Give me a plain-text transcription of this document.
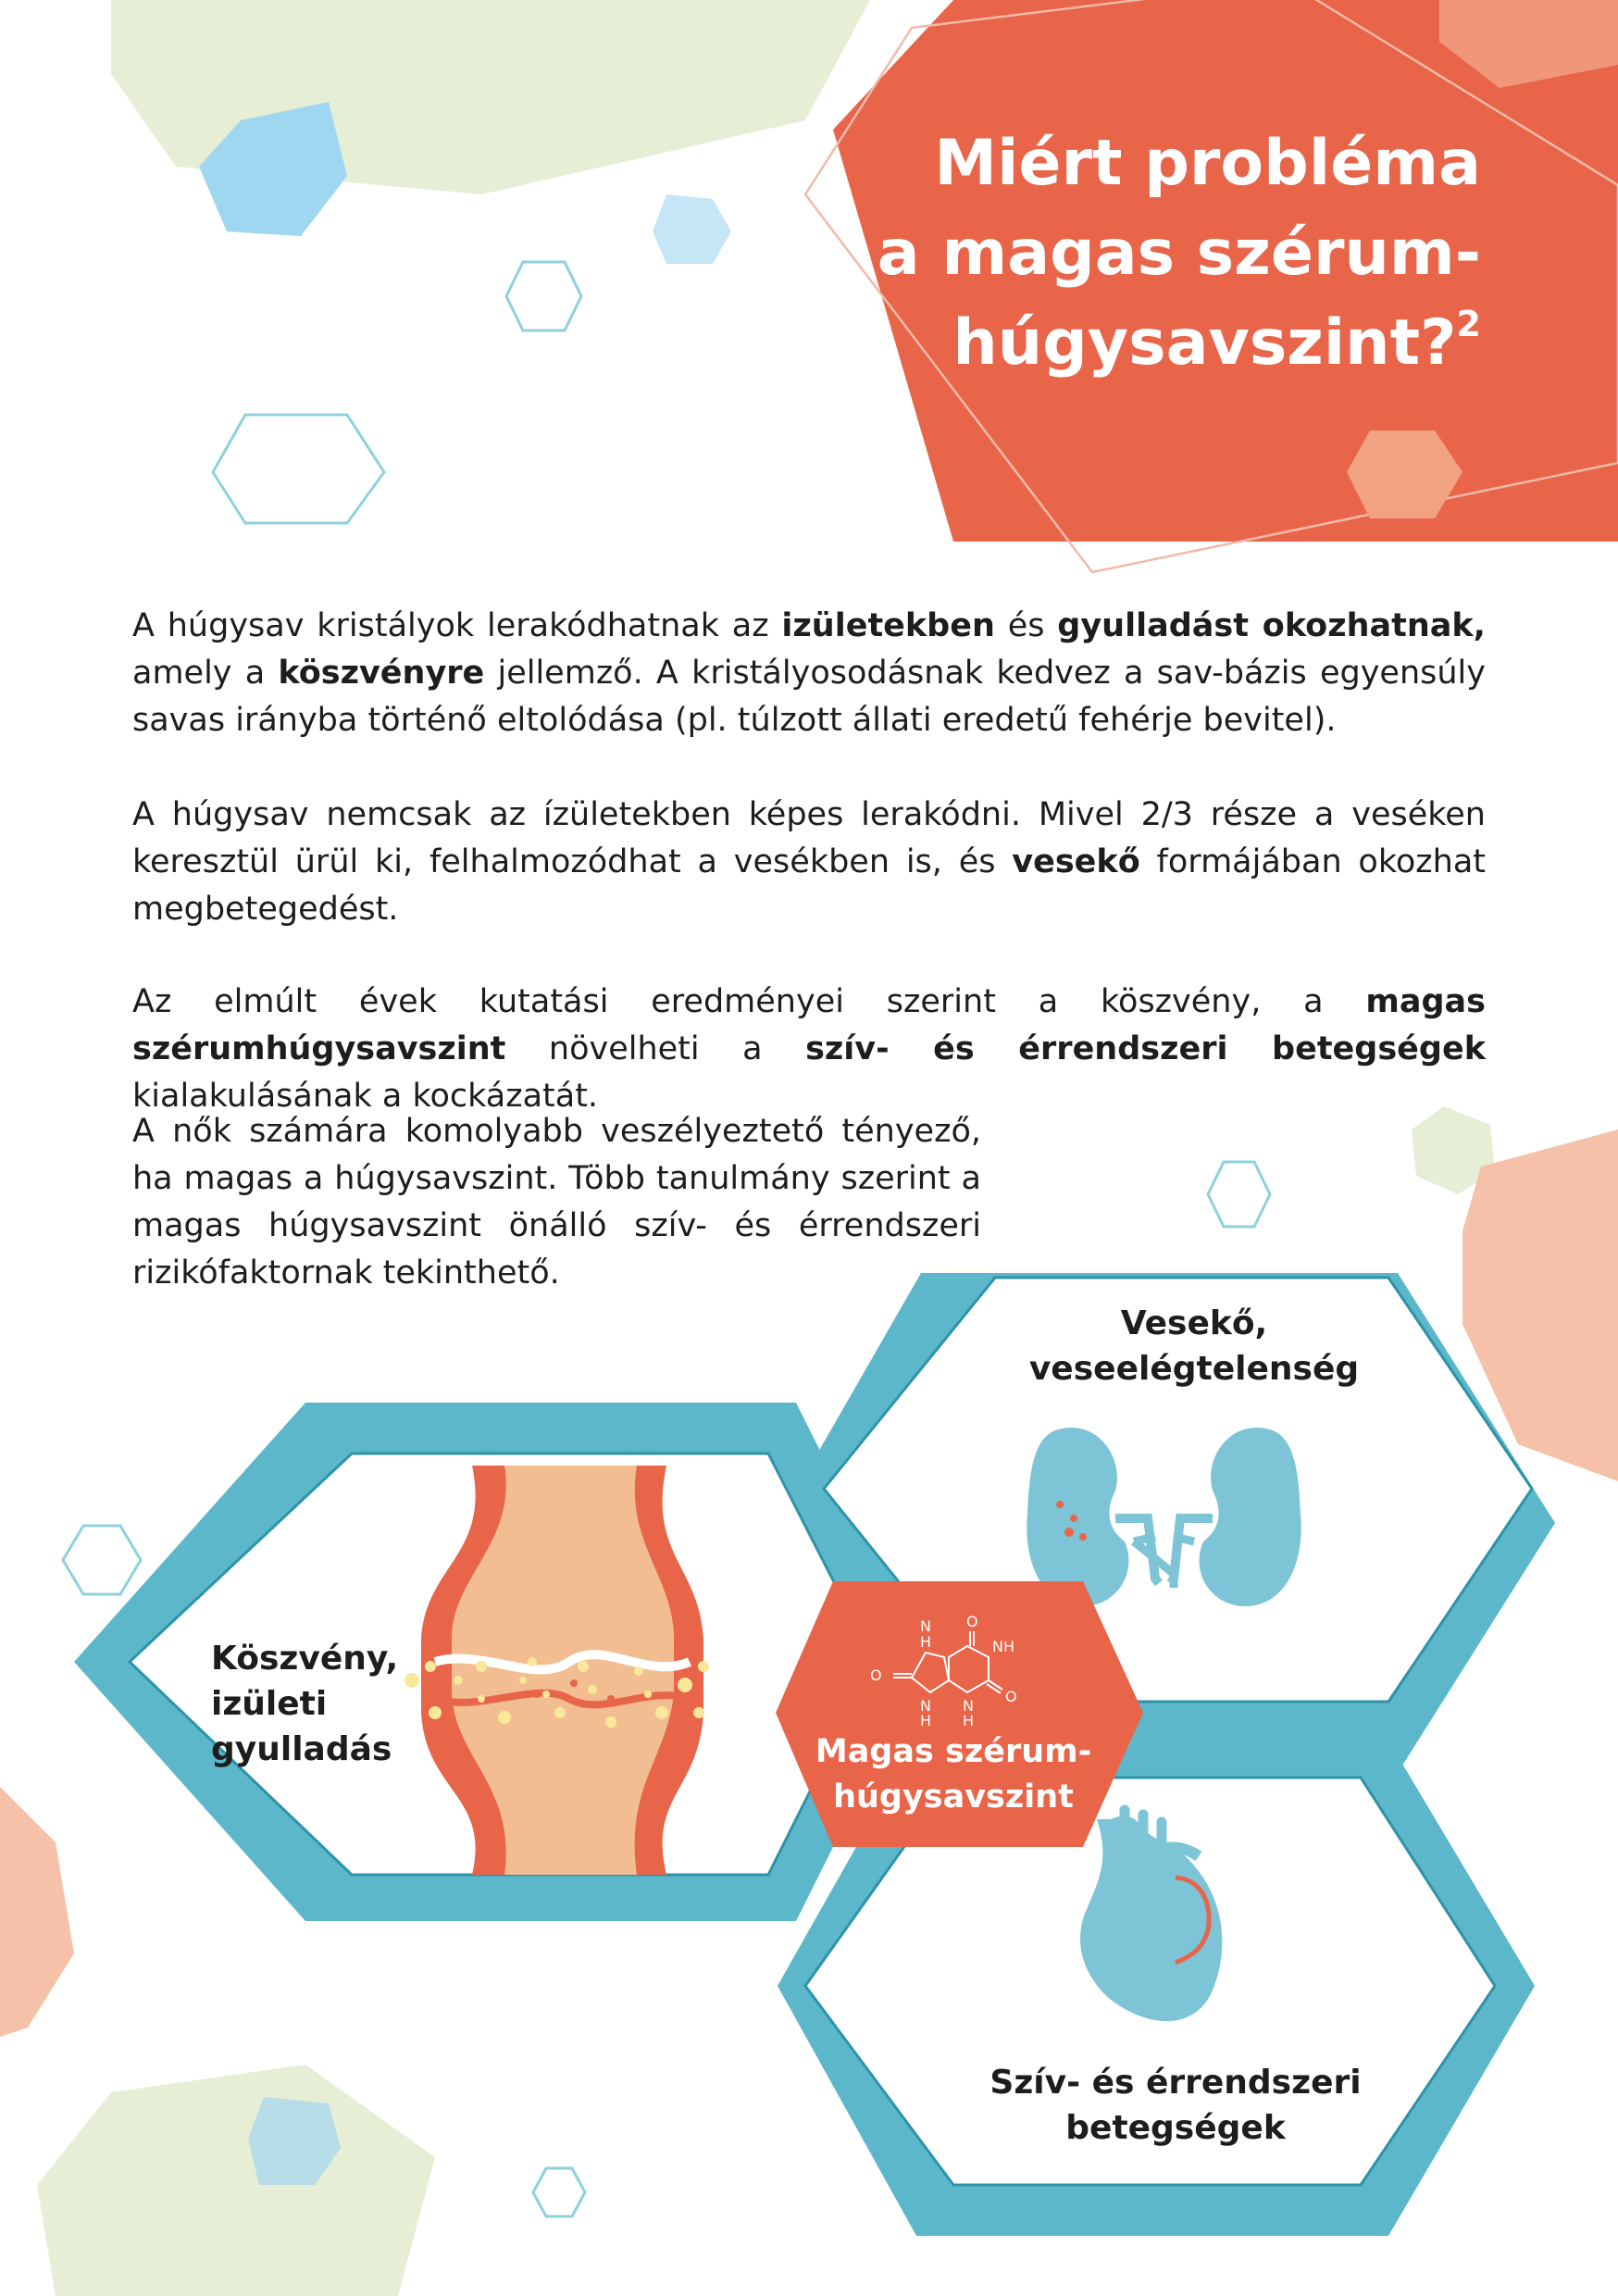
N
H
O
NH
O
N
H
O
N
H
Miért probléma
a magas szérum-
húgysavszint?$^2$

A húgysav kristályok lerakódhatnak az izületekben és gyulladást okozhatnak, amely a köszvényre jellemző. A kristályosodásnak kedvez a sav-bázis egyensúly savas irányba történő eltolódása (pl. túlzott állati eredetű fehérje bevitel).

A húgysav nemcsak az ízületekben képes lerakódni. Mivel 2/3 része a veséken keresztül ürül ki, felhalmozódhat a vesékben is, és vesekő formájában okozhat megbetegedést.

Az elmúlt évek kutatási eredményei szerint a köszvény, a magas szérumhúgysavszint növelheti a szív- és érrendszeri betegségek kialakulásának a kockázatát.

A nők számára komolyabb veszélyeztető tényező, ha magas a húgysavszint. Több tanulmány szerint a magas húgysavszint önálló szív- és érrendszeri rizikófaktornak tekinthető.

Köszvény,
izületi
gyulladás
Vesekő,
veseelégtelenség
Szív- és érrendszeri
betegségek
Magas szérum-
húgysavszint
